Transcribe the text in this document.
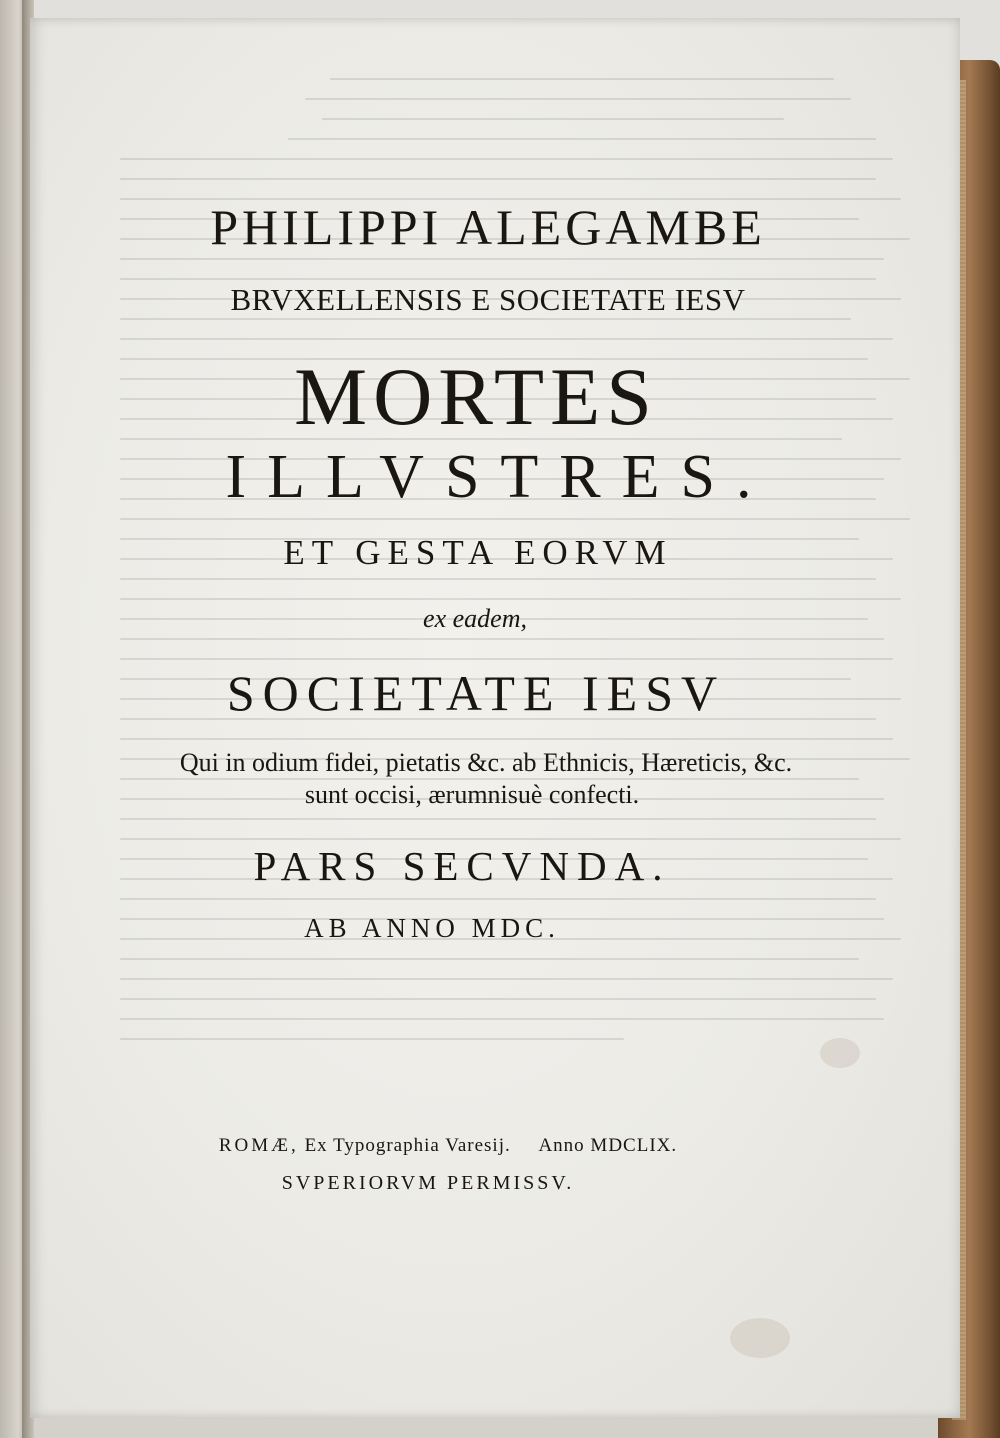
PHILIPPI ALEGAMBE
BRVXELLENSIS E SOCIETATE IESV
MORTES
ILLVSTRES.
ET GESTA EORVM
ex eadem,
SOCIETATE IESV
Qui in odium fidei, pietatis &c. ab Ethnicis, Hæreticis, &c.
sunt occisi, ærumnisuè confecti.
PARS SECVNDA.
AB ANNO MDC.
ROMÆ, Ex Typographia Varesij. Anno MDCLIX.
SVPERIORVM PERMISSV.
